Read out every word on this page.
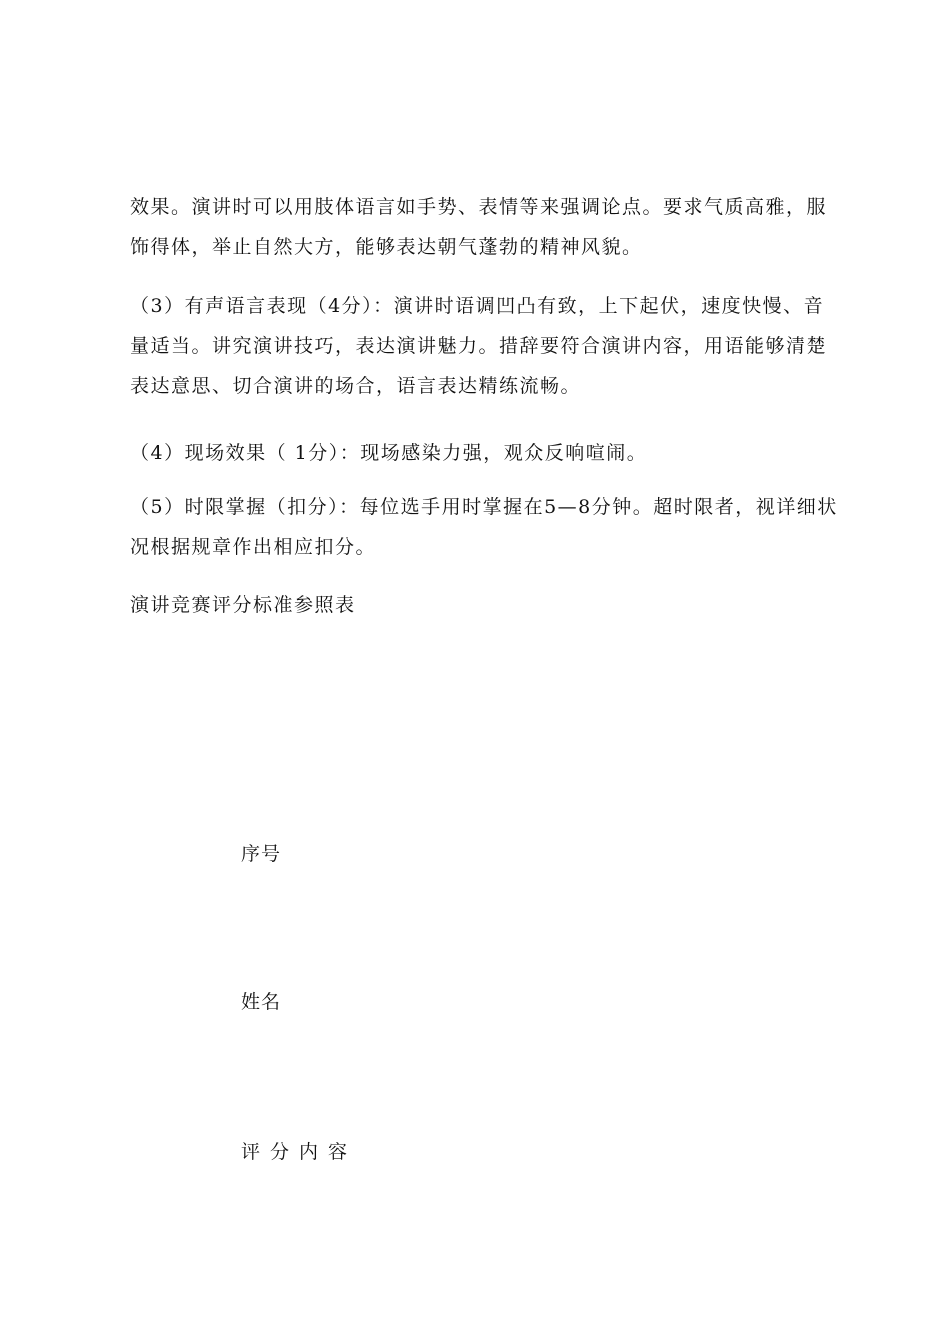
效果。演讲时可以用肢体语言如手势、表情等来强调论点。要求气质高雅，服饰得体，举止自然大方，能够表达朝气蓬勃的精神风貌。

（3）有声语言表现（4分）：演讲时语调凹凸有致，上下起伏，速度快慢、音量适当。讲究演讲技巧，表达演讲魅力。措辞要符合演讲内容，用语能够清楚表达意思、切合演讲的场合，语言表达精练流畅。

（4）现场效果（ 1分）：现场感染力强，观众反响喧闹。

（5）时限掌握（扣分）：每位选手用时掌握在5—8分钟。超时限者，视详细状况根据规章作出相应扣分。

演讲竞赛评分标准参照表

序号

姓名

评分内容
